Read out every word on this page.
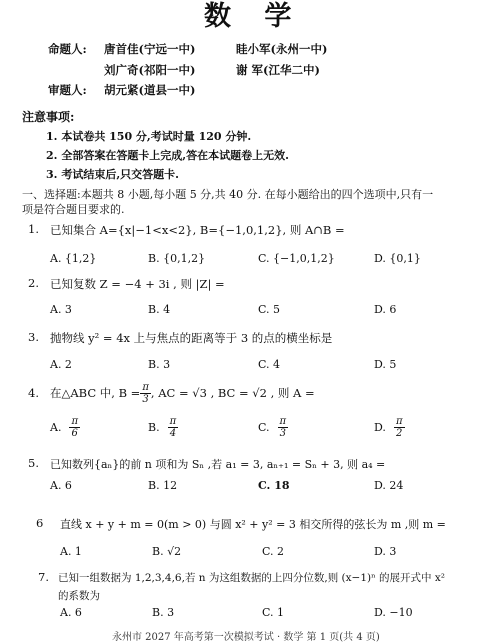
数 学
命题人: 唐首佳(宁远一中)	眭小军(永州一中)
刘广奇(祁阳一中)	谢 军(江华二中)
审题人: 胡元紧(道县一中)
注意事项:
1. 本试卷共 150 分,考试时量 120 分钟.
2. 全部答案在答题卡上完成,答在本试题卷上无效.
3. 考试结束后,只交答题卡.
一、选择题:本题共 8 小题,每小题 5 分,共 40 分. 在每小题给出的四个选项中,只有一
项是符合题目要求的.
1. 已知集合 A={x|−1<x<2}, B={−1,0,1,2}, 则 A∩B =
A. {1,2}	B. {0,1,2}	C. {−1,0,1,2}	D. {0,1}
2. 已知复数 Z = −4 + 3i , 则 |Z| =
A. 3	B. 4	C. 5	D. 6
3. 抛物线 y² = 4x 上与焦点的距离等于 3 的点的横坐标是
A. 2	B. 3	C. 4	D. 5
4. 在△ABC 中, $B = \frac{\pi}{3}$ , AC = √3 , BC = √2 , 则 A =
A. $\frac{\pi}{6}$	B. $\frac{\pi}{4}$	C. $\frac{\pi}{3}$	D. $\frac{\pi}{2}$
5. 已知数列{aₙ}的前 n 项和为 Sₙ ,若 a₁ = 3, aₙ₊₁ = Sₙ + 3, 则 a₄ =
A. 6	B. 12	C. 18	D. 24
6 直线 x + y + m = 0(m > 0) 与圆 x² + y² = 3 相交所得的弦长为 m ,则 m =
A. 1	B. √2	C. 2	D. 3
7. 已知一组数据为 1,2,3,4,6,若 n 为这组数据的上四分位数,则 (x−1)ⁿ 的展开式中 x²
的系数为
A. 6	B. 3	C. 1	D. −10
永州市 2027 年高考第一次模拟考试 · 数学 第 1 页(共 4 页)
